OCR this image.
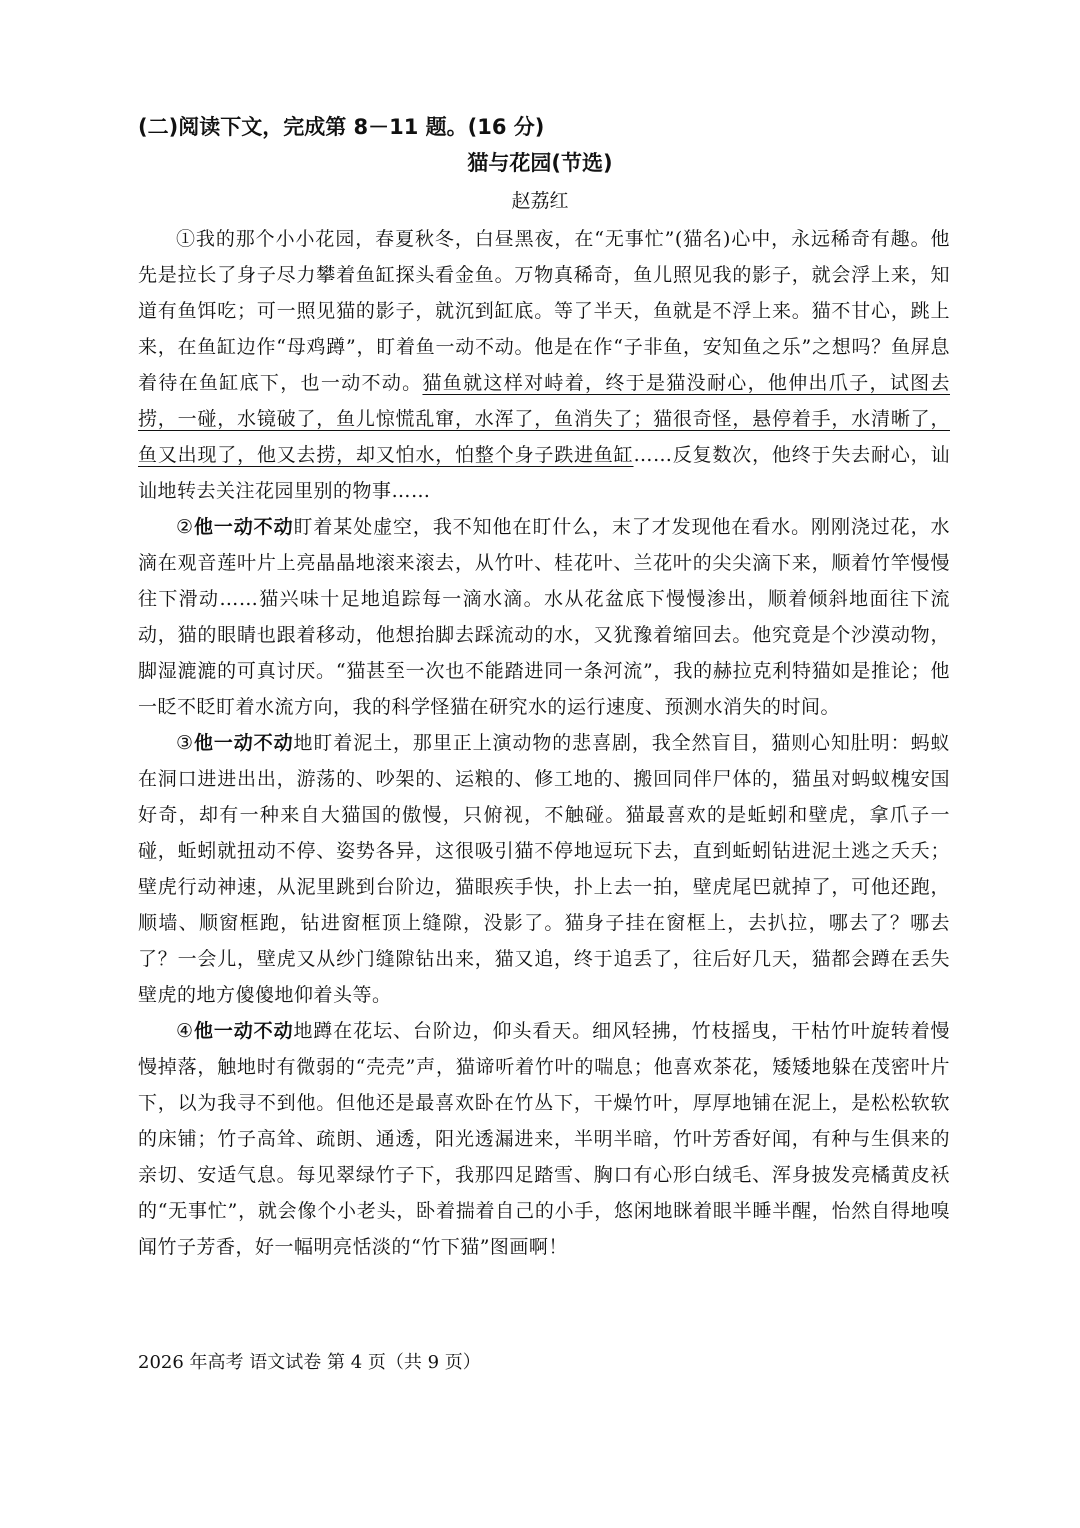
(二)阅读下文，完成第 8－11 题。(16 分)
猫与花园(节选)
赵荔红

①我的那个小小花园，春夏秋冬，白昼黑夜，在“无事忙”(猫名)心中，永远稀奇有趣。他先是拉长了身子尽力攀着鱼缸探头看金鱼。万物真稀奇，鱼儿照见我的影子，就会浮上来，知道有鱼饵吃；可一照见猫的影子，就沉到缸底。等了半天，鱼就是不浮上来。猫不甘心，跳上来，在鱼缸边作“母鸡蹲”，盯着鱼一动不动。他是在作“子非鱼，安知鱼之乐”之想吗？鱼屏息着待在鱼缸底下，也一动不动。猫鱼就这样对峙着，终于是猫没耐心，他伸出爪子，试图去捞，一碰，水镜破了，鱼儿惊慌乱窜，水浑了，鱼消失了；猫很奇怪，悬停着手，水清晰了，鱼又出现了，他又去捞，却又怕水，怕整个身子跌进鱼缸……反复数次，他终于失去耐心，讪讪地转去关注花园里别的物事……

②他一动不动盯着某处虚空，我不知他在盯什么，末了才发现他在看水。刚刚浇过花，水滴在观音莲叶片上亮晶晶地滚来滚去，从竹叶、桂花叶、兰花叶的尖尖滴下来，顺着竹竿慢慢往下滑动……猫兴味十足地追踪每一滴水滴。水从花盆底下慢慢渗出，顺着倾斜地面往下流动，猫的眼睛也跟着移动，他想抬脚去踩流动的水，又犹豫着缩回去。他究竟是个沙漠动物，脚湿漉漉的可真讨厌。“猫甚至一次也不能踏进同一条河流”，我的赫拉克利特猫如是推论；他一眨不眨盯着水流方向，我的科学怪猫在研究水的运行速度、预测水消失的时间。

③他一动不动地盯着泥土，那里正上演动物的悲喜剧，我全然盲目，猫则心知肚明：蚂蚁在洞口进进出出，游荡的、吵架的、运粮的、修工地的、搬回同伴尸体的，猫虽对蚂蚁槐安国好奇，却有一种来自大猫国的傲慢，只俯视，不触碰。猫最喜欢的是蚯蚓和壁虎，拿爪子一碰，蚯蚓就扭动不停、姿势各异，这很吸引猫不停地逗玩下去，直到蚯蚓钻进泥土逃之夭夭；壁虎行动神速，从泥里跳到台阶边，猫眼疾手快，扑上去一拍，壁虎尾巴就掉了，可他还跑，顺墙、顺窗框跑，钻进窗框顶上缝隙，没影了。猫身子挂在窗框上，去扒拉，哪去了？哪去了？一会儿，壁虎又从纱门缝隙钻出来，猫又追，终于追丢了，往后好几天，猫都会蹲在丢失壁虎的地方傻傻地仰着头等。

④他一动不动地蹲在花坛、台阶边，仰头看天。细风轻拂，竹枝摇曳，干枯竹叶旋转着慢慢掉落，触地时有微弱的“壳壳”声，猫谛听着竹叶的喘息；他喜欢茶花，矮矮地躲在茂密叶片下，以为我寻不到他。但他还是最喜欢卧在竹丛下，干燥竹叶，厚厚地铺在泥上，是松松软软的床铺；竹子高耸、疏朗、通透，阳光透漏进来，半明半暗，竹叶芳香好闻，有种与生俱来的亲切、安适气息。每见翠绿竹子下，我那四足踏雪、胸口有心形白绒毛、浑身披发亮橘黄皮袄的“无事忙”，就会像个小老头，卧着揣着自己的小手，悠闲地眯着眼半睡半醒，怡然自得地嗅闻竹子芳香，好一幅明亮恬淡的“竹下猫”图画啊！

2026 年高考 语文试卷 第 4 页（共 9 页）
